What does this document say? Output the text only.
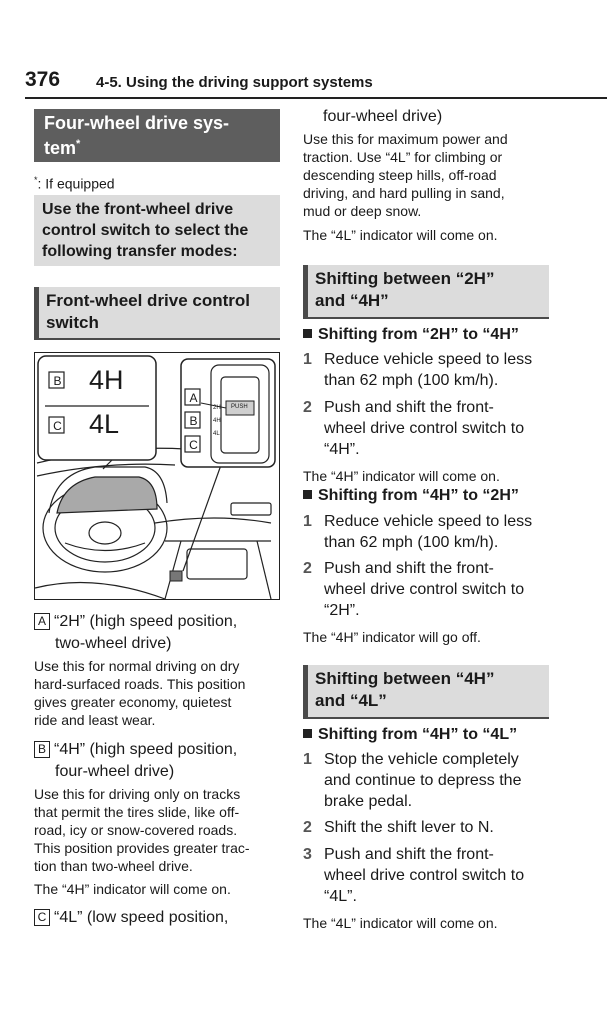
376 4-5. Using the driving support systems
Four-wheel drive sys-
tem*
*: If equipped
Use the front-wheel drive
control switch to select the
following transfer modes:
Front-wheel drive control
switch
B 4H
C 4L
A
B
C
2H
4H
4L
PUSH
A “2H” (high speed position,
two-wheel drive)
Use this for normal driving on dry
hard-surfaced roads. This position
gives greater economy, quietest
ride and least wear.
B “4H” (high speed position,
four-wheel drive)
Use this for driving only on tracks
that permit the tires slide, like off-
road, icy or snow-covered roads.
This position provides greater trac-
tion than two-wheel drive.
The “4H” indicator will come on.
C “4L” (low speed position,
four-wheel drive)
Use this for maximum power and
traction. Use “4L” for climbing or
descending steep hills, off-road
driving, and hard pulling in sand,
mud or deep snow.
The “4L” indicator will come on.
Shifting between “2H”
and “4H”
Shifting from “2H” to “4H”
1 Reduce vehicle speed to less
than 62 mph (100 km/h).
2 Push and shift the front-
wheel drive control switch to
“4H”.
The “4H” indicator will come on.
Shifting from “4H” to “2H”
1 Reduce vehicle speed to less
than 62 mph (100 km/h).
2 Push and shift the front-
wheel drive control switch to
“2H”.
The “4H” indicator will go off.
Shifting between “4H”
and “4L”
Shifting from “4H” to “4L”
1 Stop the vehicle completely
and continue to depress the
brake pedal.
2 Shift the shift lever to N.
3 Push and shift the front-
wheel drive control switch to
“4L”.
The “4L” indicator will come on.
